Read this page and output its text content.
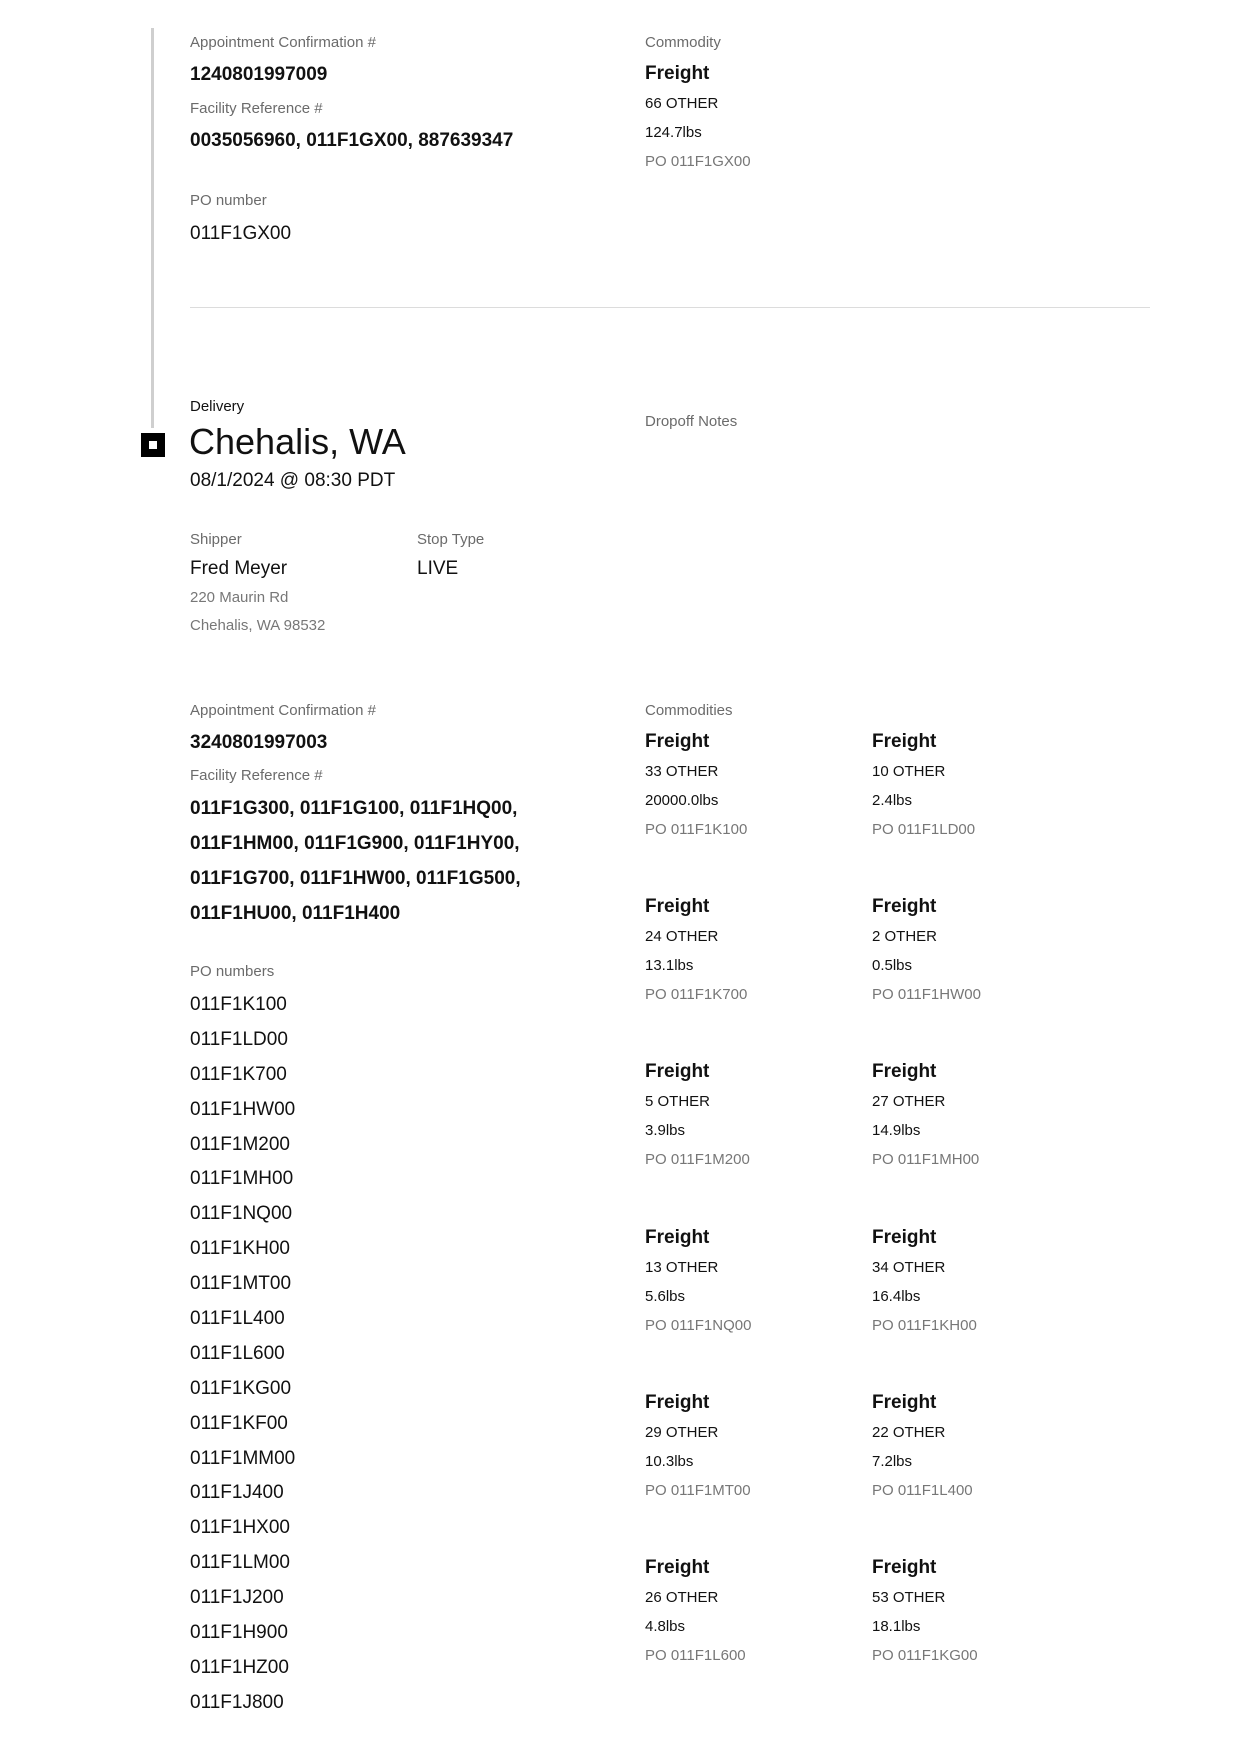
Appointment Confirmation #
1240801997009
Facility Reference #
0035056960, 011F1GX00, 887639347
PO number
011F1GX00
Commodity
Freight
66 OTHER
124.7lbs
PO 011F1GX00
Delivery
Chehalis, WA
08/1/2024 @ 08:30 PDT
Dropoff Notes
Shipper
Fred Meyer
220 Maurin Rd
Chehalis, WA 98532
Stop Type
LIVE
Appointment Confirmation #
3240801997003
Facility Reference #
011F1G300, 011F1G100, 011F1HQ00, 011F1HM00, 011F1G900, 011F1HY00, 011F1G700, 011F1HW00, 011F1G500, 011F1HU00, 011F1H400
PO numbers
011F1K100
011F1LD00
011F1K700
011F1HW00
011F1M200
011F1MH00
011F1NQ00
011F1KH00
011F1MT00
011F1L400
011F1L600
011F1KG00
011F1KF00
011F1MM00
011F1J400
011F1HX00
011F1LM00
011F1J200
011F1H900
011F1HZ00
011F1J800
Commodities
Freight
33 OTHER
20000.0lbs
PO 011F1K100
Freight
10 OTHER
2.4lbs
PO 011F1LD00
Freight
24 OTHER
13.1lbs
PO 011F1K700
Freight
2 OTHER
0.5lbs
PO 011F1HW00
Freight
5 OTHER
3.9lbs
PO 011F1M200
Freight
27 OTHER
14.9lbs
PO 011F1MH00
Freight
13 OTHER
5.6lbs
PO 011F1NQ00
Freight
34 OTHER
16.4lbs
PO 011F1KH00
Freight
29 OTHER
10.3lbs
PO 011F1MT00
Freight
22 OTHER
7.2lbs
PO 011F1L400
Freight
26 OTHER
4.8lbs
PO 011F1L600
Freight
53 OTHER
18.1lbs
PO 011F1KG00
